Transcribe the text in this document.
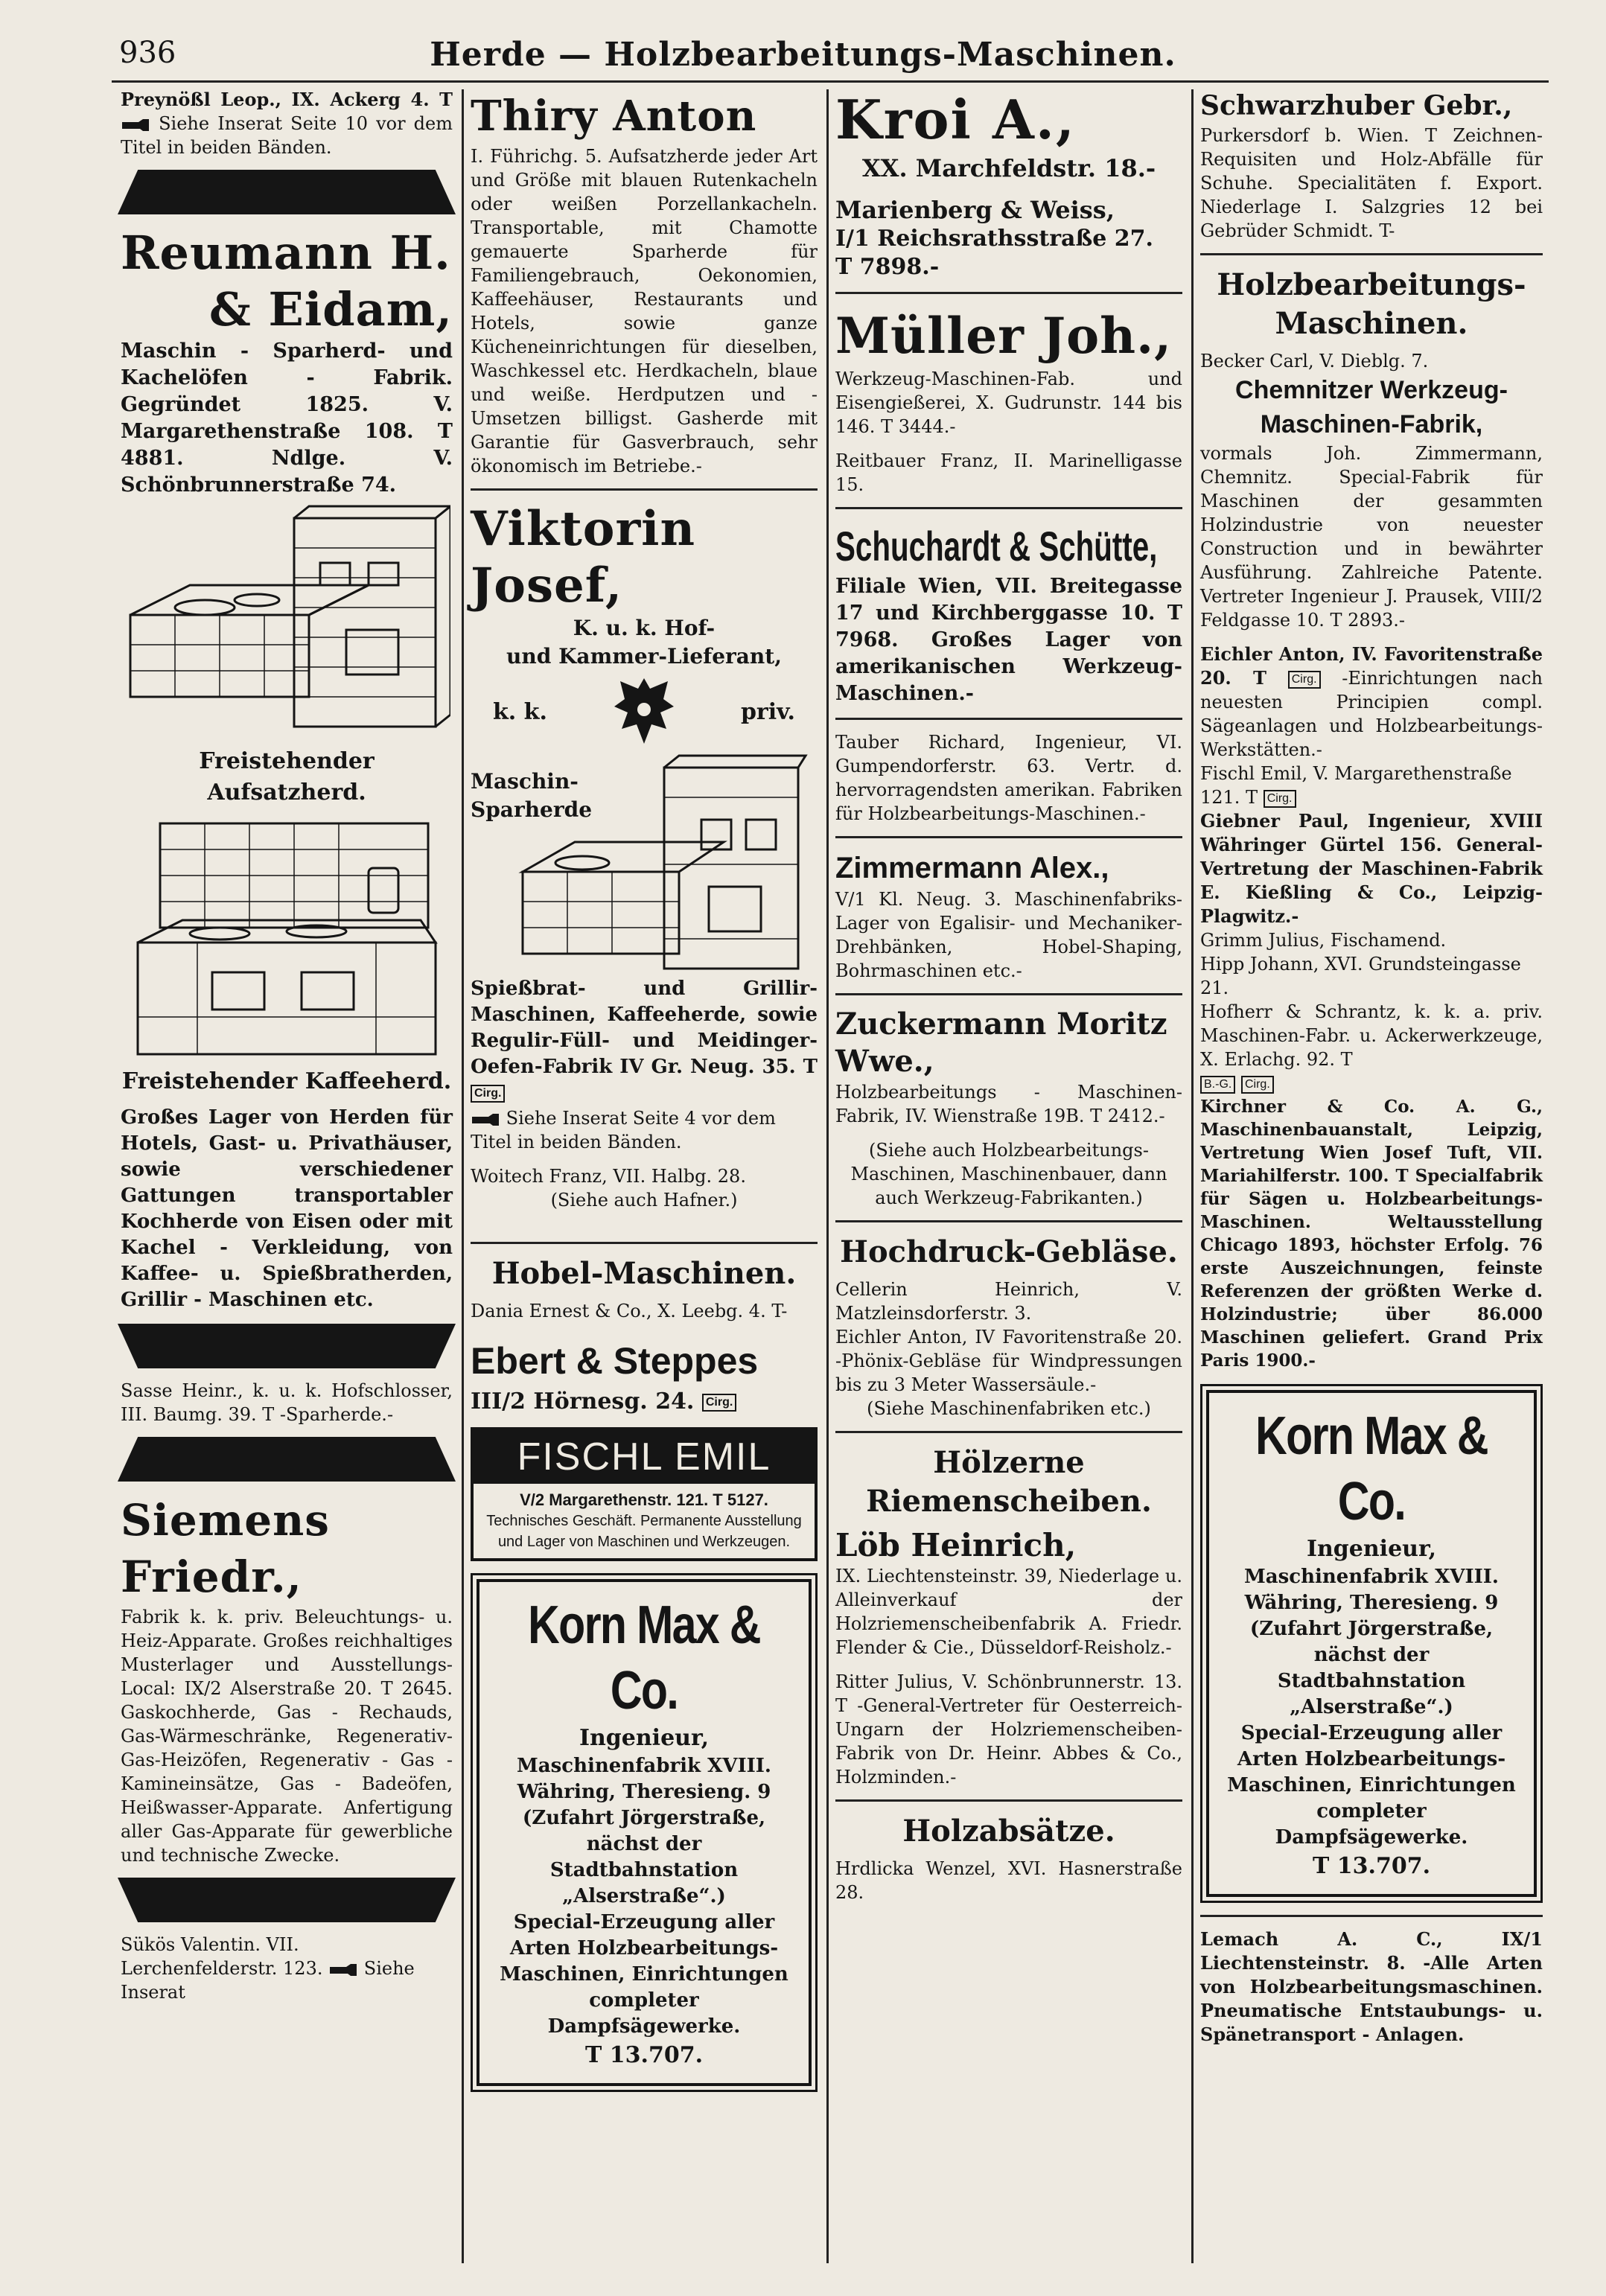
936	Herde — Holzbearbeitungs-Maschinen.

Preynößl Leop., IX. Ackerg 4. T  Siehe Inserat Seite 10 vor dem Titel in beiden Bänden.

Reumann H.

& Eidam,

Maschin - Sparherd- und Kachelöfen - Fabrik. Gegründet 1825. V. Margarethenstraße 108. T 4881. Ndlge. V. Schönbrunnerstraße 74.

Freistehender Aufsatzherd.

Freistehender Kaffeeherd.

Großes Lager von Herden für Hotels, Gast- u. Privathäuser, sowie verschiedener Gattungen transportabler Kochherde von Eisen oder mit Kachel - Verkleidung, von Kaffee- u. Spießbratherden, Grillir - Maschinen etc.

Sasse Heinr., k. u. k. Hofschlosser, III. Baumg. 39. T -Sparherde.-

Siemens Friedr.,

Fabrik k. k. priv. Beleuchtungs- u. Heiz-Apparate. Großes reichhaltiges Musterlager und Ausstellungs-Local: IX/2 Alserstraße 20. T 2645. Gaskochherde, Gas - Rechauds, Gas-Wärmeschränke, Regenerativ-Gas-Heizöfen, Regenerativ - Gas - Kamineinsätze, Gas - Badeöfen, Heißwasser-Apparate. Anfertigung aller Gas-Apparate für gewerbliche und technische Zwecke.

Sükös Valentin. VII. Lerchenfelderstr. 123. Siehe Inserat

Thiry Anton

I. Führichg. 5. Aufsatzherde jeder Art und Größe mit blauen Rutenkacheln oder weißen Porzellankacheln. Transportable, mit Chamotte gemauerte Sparherde für Familiengebrauch, Oekonomien, Kaffeehäuser, Restaurants und Hotels, sowie ganze Kücheneinrichtungen für dieselben, Waschkessel etc. Herdkacheln, blaue und weiße. Herdputzen und -Umsetzen billigst. Gasherde mit Garantie für Gasverbrauch, sehr ökonomisch im Betriebe.-

Viktorin Josef,

K. u. k. Hof-

und Kammer-Lieferant,

k. k.	priv.

Maschin- Sparherde

Spießbrat- und Grillir-Maschinen, Kaffeeherde, sowie Regulir-Füll- und Meidinger-Oefen-Fabrik IV Gr. Neug. 35. T Cirg.

Siehe Inserat Seite 4 vor dem Titel in beiden Bänden.

Woitech Franz, VII. Halbg. 28.

(Siehe auch Hafner.)

Hobel-Maschinen.

Dania Ernest & Co., X. Leebg. 4. T-

Ebert & Steppes

III/2 Hörnesg. 24. Cirg.

FISCHL EMIL

V/2 Margarethenstr. 121. T 5127.

Technisches Geschäft. Permanente Ausstellung und Lager von Maschinen und Werkzeugen.

Korn Max & Co.

Ingenieur,

Maschinenfabrik XVIII. Währing, Theresieng. 9

(Zufahrt Jörgerstraße, nächst der Stadtbahnstation „Alserstraße“.)

Special-Erzeugung aller Arten Holzbearbeitungs-Maschinen, Einrichtungen completer Dampfsägewerke.

T 13.707.

Kroi A.,

XX. Marchfeldstr. 18.-

Marienberg & Weiss,

I/1 Reichsrathsstraße 27.

T 7898.-

Müller Joh.,

Werkzeug-Maschinen-Fab. und Eisengießerei, X. Gudrunstr. 144 bis 146. T 3444.-

Reitbauer Franz, II. Marinelligasse 15.

Schuchardt & Schütte,

Filiale Wien, VII. Breitegasse 17 und Kirchberggasse 10. T 7968. Großes Lager von amerikanischen Werkzeug-Maschinen.-

Tauber Richard, Ingenieur, VI. Gumpendorferstr. 63. Vertr. d. hervorragendsten amerikan. Fabriken für Holzbearbeitungs-Maschinen.-

Zimmermann Alex.,

V/1 Kl. Neug. 3. Maschinenfabriks-Lager von Egalisir- und Mechaniker-Drehbänken, Hobel-Shaping, Bohrmaschinen etc.-

Zuckermann Moritz Wwe.,

Holzbearbeitungs - Maschinen-Fabrik, IV. Wienstraße 19B. T 2412.-

(Siehe auch Holzbearbeitungs-Maschinen, Maschinenbauer, dann auch Werkzeug-Fabrikanten.)

Hochdruck-Gebläse.

Cellerin Heinrich, V. Matzleinsdorferstr. 3.

Eichler Anton, IV Favoritenstraße 20. -Phönix-Gebläse für Windpressungen bis zu 3 Meter Wassersäule.-

(Siehe Maschinenfabriken etc.)

Hölzerne Riemenscheiben.

Löb Heinrich,

IX. Liechtensteinstr. 39, Niederlage u. Alleinverkauf der Holzriemenscheibenfabrik A. Friedr. Flender & Cie., Düsseldorf-Reisholz.-

Ritter Julius, V. Schönbrunnerstr. 13. T -General-Vertreter für Oesterreich-Ungarn der Holzriemenscheiben-Fabrik von Dr. Heinr. Abbes & Co., Holzminden.-

Holzabsätze.

Hrdlicka Wenzel, XVI. Hasnerstraße 28.

Schwarzhuber Gebr.,

Purkersdorf b. Wien. T Zeichnen-Requisiten und Holz-Abfälle für Schuhe. Specialitäten f. Export. Niederlage I. Salzgries 12 bei Gebrüder Schmidt. T-

Holzbearbeitungs-Maschinen.

Becker Carl, V. Dieblg. 7.

Chemnitzer Werkzeug-Maschinen-Fabrik,

vormals Joh. Zimmermann, Chemnitz. Special-Fabrik für Maschinen der gesammten Holzindustrie von neuester Construction und in bewährter Ausführung. Zahlreiche Patente. Vertreter Ingenieur J. Prausek, VIII/2 Feldgasse 10. T 2893.-

Eichler Anton, IV. Favoritenstraße 20. T Cirg. -Einrichtungen nach neuesten Principien compl. Sägeanlagen und Holzbearbeitungs-Werkstätten.-

Fischl Emil, V. Margarethenstraße 121. T Cirg.

Giebner Paul, Ingenieur, XVIII Währinger Gürtel 156. General-Vertretung der Maschinen-Fabrik E. Kießling & Co., Leipzig-Plagwitz.-

Grimm Julius, Fischamend.

Hipp Johann, XVI. Grundsteingasse 21.

Hofherr & Schrantz, k. k. a. priv. Maschinen-Fabr. u. Ackerwerkzeuge, X. Erlachg. 92. T

B.-G. Cirg.

Kirchner & Co. A. G., Maschinenbauanstalt, Leipzig, Vertretung Wien Josef Tuft, VII. Mariahilferstr. 100. T Specialfabrik für Sägen u. Holzbearbeitungs-Maschinen. Weltausstellung Chicago 1893, höchster Erfolg. 76 erste Auszeichnungen, feinste Referenzen der größten Werke d. Holzindustrie; über 86.000 Maschinen geliefert. Grand Prix Paris 1900.-

Korn Max & Co.

Ingenieur,

Maschinenfabrik XVIII. Währing, Theresieng. 9

(Zufahrt Jörgerstraße, nächst der Stadtbahnstation „Alserstraße“.)

Special-Erzeugung aller Arten Holzbearbeitungs-Maschinen, Einrichtungen completer Dampfsägewerke.

T 13.707.

Lemach A. C., IX/1 Liechtensteinstr. 8. -Alle Arten von Holzbearbeitungsmaschinen. Pneumatische Entstaubungs- u. Spänetransport - Anlagen.
